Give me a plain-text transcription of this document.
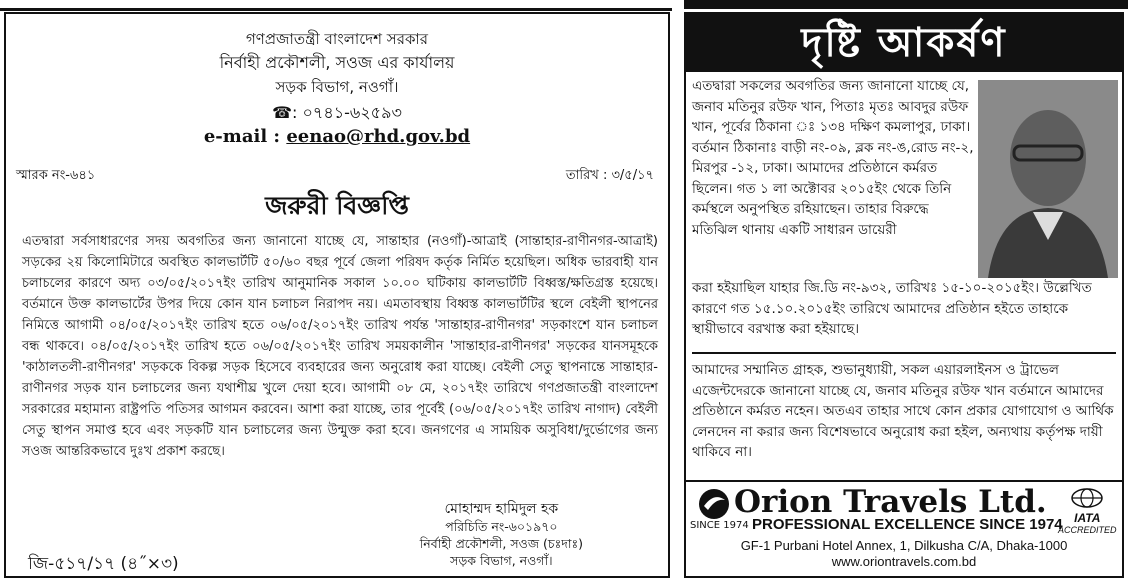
গণপ্রজাতন্ত্রী বাংলাদেশ সরকার
নির্বাহী প্রকৌশলী, সওজ এর কার্যালয়
সড়ক বিভাগ, নওগাঁ।
☎: ০৭৪১-৬২৫৯৩
e-mail : eenao@rhd.gov.bd
স্মারক নং-৬৪১	তারিখ : ৩/৫/১৭
জরুরী বিজ্ঞপ্তি
এতদ্বারা সর্বসাধারণের সদয় অবগতির জন্য জানানো যাচ্ছে যে, সান্তাহার (নওগাঁ)-আত্রাই (সান্তাহার-রাণীনগর-আত্রাই) সড়কের ২য় কিলোমিটারে অবস্থিত কালভার্টটি ৫০/৬০ বছর পূর্বে জেলা পরিষদ কর্তৃক নির্মিত হয়েছিল। অধিক ভারবাহী যান চলাচলের কারণে অদ্য ০৩/০৫/২০১৭ইং তারিখ আনুমানিক সকাল ১০.০০ ঘটিকায় কালভার্টটি বিধ্বস্ত/ক্ষতিগ্রস্ত হয়েছে। বর্তমানে উক্ত কালভার্টের উপর দিয়ে কোন যান চলাচল নিরাপদ নয়। এমতাবস্থায় বিধ্বস্ত কালভার্টটির স্থলে বেইলী স্থাপনের নিমিত্তে আগামী ০৪/০৫/২০১৭ইং তারিখ হতে ০৬/০৫/২০১৭ইং তারিখ পর্যন্ত 'সান্তাহার-রাণীনগর' সড়কাংশে যান চলাচল বন্ধ থাকবে। ০৪/০৫/২০১৭ইং তারিখ হতে ০৬/০৫/২০১৭ইং তারিখ সময়কালীন 'সান্তাহার-রাণীনগর' সড়কের যানসমূহকে 'কাঠালতলী-রাণীনগর' সড়ককে বিকল্প সড়ক হিসেবে ব্যবহারের জন্য অনুরোধ করা যাচ্ছে। বেইলী সেতু স্থাপনান্তে সান্তাহার-রাণীনগর সড়ক যান চলাচলের জন্য যথাশীঘ্র খুলে দেয়া হবে। আগামী ০৮ মে, ২০১৭ইং তারিখে গণপ্রজাতন্ত্রী বাংলাদেশ সরকারের মহামান্য রাষ্ট্রপতি পতিসর আগমন করবেন। আশা করা যাচ্ছে, তার পূর্বেই (০৬/০৫/২০১৭ইং তারিখ নাগাদ) বেইলী সেতু স্থাপন সমাপ্ত হবে এবং সড়কটি যান চলাচলের জন্য উন্মুক্ত করা হবে। জনগণের এ সাময়িক অসুবিধা/দুর্ভোগের জন্য সওজ আন্তরিকভাবে দুঃখ প্রকাশ করছে।
মোহাম্মদ হামিদুল হক
পরিচিতি নং-৬০১৯৭০
নির্বাহী প্রকৌশলী, সওজ (চঃদাঃ)
সড়ক বিভাগ, নওগাঁ।
জি-৫১৭/১৭ (৪˝×৩)
দৃষ্টি আকর্ষণ
এতদ্বারা সকলের অবগতির জন্য জানানো যাচ্ছে যে, জনাব মতিনুর রউফ খান, পিতাঃ মৃতঃ আবদুর রউফ খান, পূর্বের ঠিকানা ঃ ১৩৪ দক্ষিণ কমলাপুর, ঢাকা। বর্তমান ঠিকানাঃ বাড়ী নং-০৯, ব্লক নং-ঙ,রোড নং-২, মিরপুর -১২, ঢাকা। আমাদের প্রতিষ্ঠানে কর্মরত ছিলেন। গত ১ লা অক্টোবর ২০১৫ইং থেকে তিনি কর্মস্থলে অনুপস্থিত রহিয়াছেন। তাহার বিরুদ্ধে মতিঝিল থানায় একটি সাধারন ডায়েরী
করা হইয়াছিল যাহার জি.ডি নং-৯৩২, তারিখঃ ১৫-১০-২০১৫ইং। উল্লেখিত কারণে গত ১৫.১০.২০১৫ইং তারিখে আমাদের প্রতিষ্ঠান হইতে তাহাকে স্থায়ীভাবে বরখাস্ত করা হইয়াছে।
আমাদের সম্মানিত গ্রাহক, শুভানুধ্যায়ী, সকল এয়ারলাইনস ও ট্রাভেল এজেন্টদেরকে জানানো যাচ্ছে যে, জনাব মতিনুর রউফ খান বর্তমানে আমাদের প্রতিষ্ঠানে কর্মরত নহেন। অতএব তাহার সাথে কোন প্রকার যোগাযোগ ও আর্থিক লেনদেন না করার জন্য বিশেষভাবে অনুরোধ করা হইল, অন্যথায় কর্তৃপক্ষ দায়ী থাকিবে না।
Orion Travels Ltd.
SINCE 1974 PROFESSIONAL EXCELLENCE SINCE 1974 IATA
ACCREDITED
GF-1 Purbani Hotel Annex, 1, Dilkusha C/A, Dhaka-1000
www.oriontravels.com.bd
